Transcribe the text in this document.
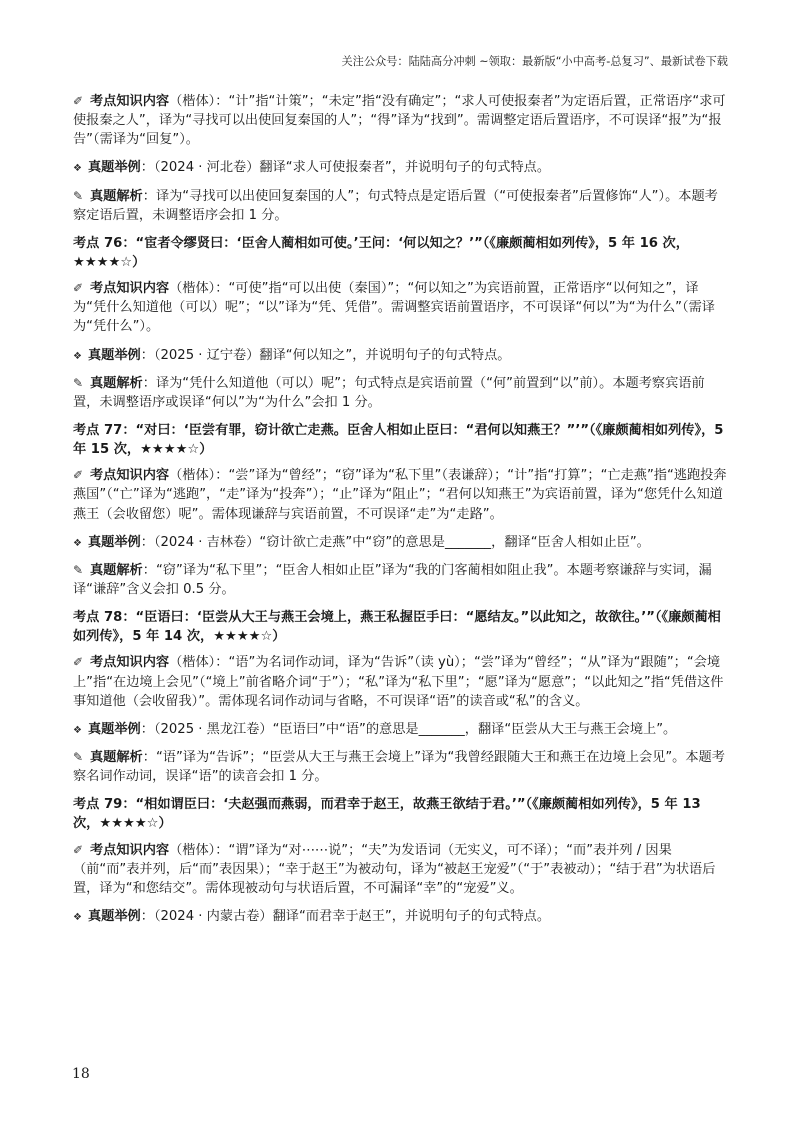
关注公众号：陆陆高分冲刺 ~领取：最新版“小中高考-总复习”、最新试卷下载

✐ 考点知识内容（楷体）：“计”指“计策”；“未定”指“没有确定”；“求人可使报秦者”为定语后置，正常语序“求可使报秦之人”，译为“寻找可以出使回复秦国的人”；“得”译为“找到”。需调整定语后置语序，不可误译“报”为“报告”（需译为“回复”）。

❖ 真题举例：（2024 · 河北卷）翻译“求人可使报秦者”，并说明句子的句式特点。

✎ 真题解析：译为“寻找可以出使回复秦国的人”；句式特点是定语后置（“可使报秦者”后置修饰“人”）。本题考察定语后置，未调整语序会扣 1 分。

考点 76：“宦者令缪贤曰：‘臣舍人蔺相如可使。’王问：‘何以知之？’”（《廉颇蔺相如列传》，5 年 16 次，★★★★☆）

✐ 考点知识内容（楷体）：“可使”指“可以出使（秦国）”；“何以知之”为宾语前置，正常语序“以何知之”，译为“凭什么知道他（可以）呢”；“以”译为“凭、凭借”。需调整宾语前置语序，不可误译“何以”为“为什么”（需译为“凭什么”）。

❖ 真题举例：（2025 · 辽宁卷）翻译“何以知之”，并说明句子的句式特点。

✎ 真题解析：译为“凭什么知道他（可以）呢”；句式特点是宾语前置（“何”前置到“以”前）。本题考察宾语前置，未调整语序或误译“何以”为“为什么”会扣 1 分。

考点 77：“对曰：‘臣尝有罪，窃计欲亡走燕。臣舍人相如止臣曰：“君何以知燕王？”’”（《廉颇蔺相如列传》，5 年 15 次，★★★★☆）

✐ 考点知识内容（楷体）：“尝”译为“曾经”；“窃”译为“私下里”（表谦辞）；“计”指“打算”；“亡走燕”指“逃跑投奔燕国”（“亡”译为“逃跑”，“走”译为“投奔”）；“止”译为“阻止”；“君何以知燕王”为宾语前置，译为“您凭什么知道燕王（会收留您）呢”。需体现谦辞与宾语前置，不可误译“走”为“走路”。

❖ 真题举例：（2024 · 吉林卷）“窃计欲亡走燕”中“窃”的意思是_______，翻译“臣舍人相如止臣”。

✎ 真题解析：“窃”译为“私下里”；“臣舍人相如止臣”译为“我的门客蔺相如阻止我”。本题考察谦辞与实词，漏译“谦辞”含义会扣 0.5 分。

考点 78：“臣语曰：‘臣尝从大王与燕王会境上，燕王私握臣手曰：“愿结友。”以此知之，故欲往。’”（《廉颇蔺相如列传》，5 年 14 次，★★★★☆）

✐ 考点知识内容（楷体）：“语”为名词作动词，译为“告诉”（读 yù）；“尝”译为“曾经”；“从”译为“跟随”；“会境上”指“在边境上会见”（“境上”前省略介词“于”）；“私”译为“私下里”；“愿”译为“愿意”；“以此知之”指“凭借这件事知道他（会收留我）”。需体现名词作动词与省略，不可误译“语”的读音或“私”的含义。

❖ 真题举例：（2025 · 黑龙江卷）“臣语曰”中“语”的意思是_______，翻译“臣尝从大王与燕王会境上”。

✎ 真题解析：“语”译为“告诉”；“臣尝从大王与燕王会境上”译为“我曾经跟随大王和燕王在边境上会见”。本题考察名词作动词，误译“语”的读音会扣 1 分。

考点 79：“相如谓臣曰：‘夫赵强而燕弱，而君幸于赵王，故燕王欲结于君。’”（《廉颇蔺相如列传》，5 年 13 次，★★★★☆）

✐ 考点知识内容（楷体）：“谓”译为“对⋯⋯说”；“夫”为发语词（无实义，可不译）；“而”表并列 / 因果（前“而”表并列，后“而”表因果）；“幸于赵王”为被动句，译为“被赵王宠爱”（“于”表被动）；“结于君”为状语后置，译为“和您结交”。需体现被动句与状语后置，不可漏译“幸”的“宠爱”义。

❖ 真题举例：（2024 · 内蒙古卷）翻译“而君幸于赵王”，并说明句子的句式特点。

18
